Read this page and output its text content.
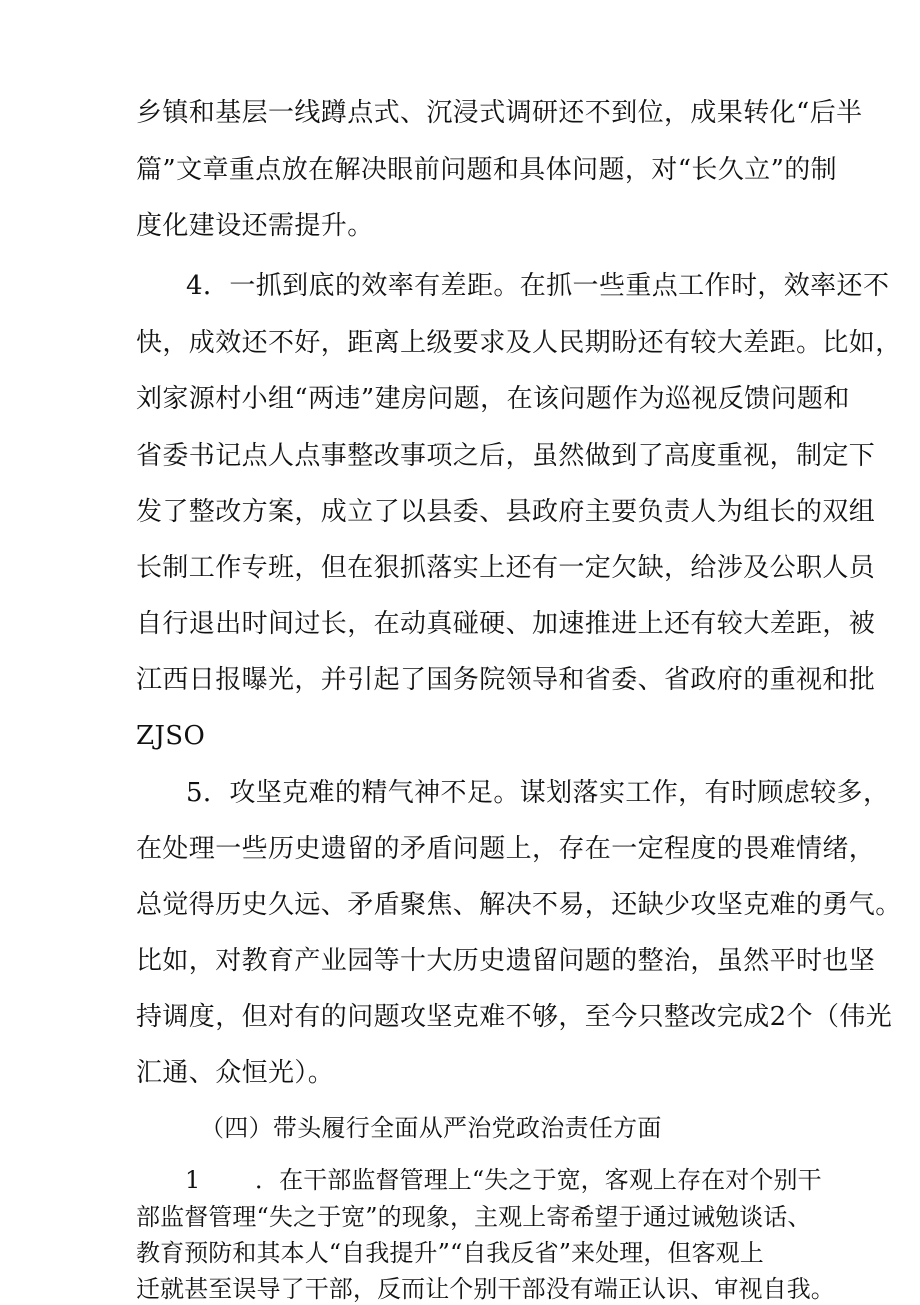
乡镇和基层一线蹲点式、沉浸式调研还不到位，成果转化“后半
篇”文章重点放在解决眼前问题和具体问题，对“长久立”的制
度化建设还需提升。
4．一抓到底的效率有差距。在抓一些重点工作时，效率还不
快，成效还不好，距离上级要求及人民期盼还有较大差距。比如，
刘家源村小组“两违”建房问题，在该问题作为巡视反馈问题和
省委书记点人点事整改事项之后，虽然做到了高度重视，制定下
发了整改方案，成立了以县委、县政府主要负责人为组长的双组
长制工作专班，但在狠抓落实上还有一定欠缺，给涉及公职人员
自行退出时间过长，在动真碰硬、加速推进上还有较大差距，被
江西日报曝光，并引起了国务院领导和省委、省政府的重视和批
ZJSO
5．攻坚克难的精气神不足。谋划落实工作，有时顾虑较多，
在处理一些历史遗留的矛盾问题上，存在一定程度的畏难情绪，
总觉得历史久远、矛盾聚焦、解决不易，还缺少攻坚克难的勇气。
比如，对教育产业园等十大历史遗留问题的整治，虽然平时也坚
持调度，但对有的问题攻坚克难不够，至今只整改完成2个（伟光
汇通、众恒光）。
（四）带头履行全面从严治党政治责任方面
1 ．在干部监督管理上“失之于宽，客观上存在对个别干
部监督管理“失之于宽”的现象，主观上寄希望于通过诫勉谈话、
教育预防和其本人“自我提升”“自我反省”来处理，但客观上
迁就甚至误导了干部，反而让个别干部没有端正认识、审视自我。
